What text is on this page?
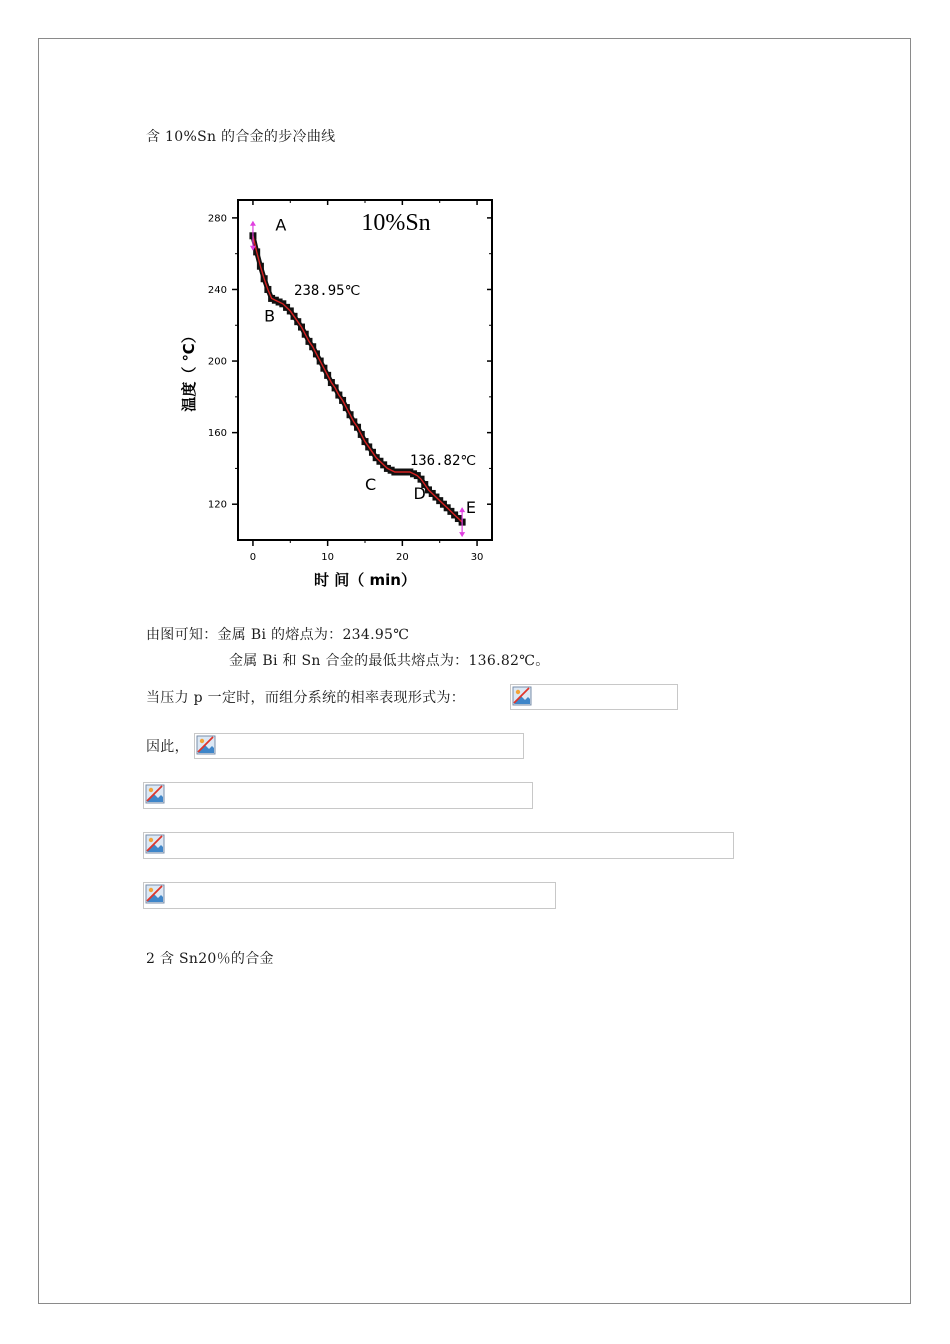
含 10%Sn 的合金的步冷曲线
120
160
200
240
280
0	10	20	30
10%Sn
A
B
238.95℃
136.82℃
C D
E
时 间（ min）
温度（ ℃）
由图可知：金属 Bi 的熔点为：234.95℃
金属 Bi 和 Sn 合金的最低共熔点为：136.82℃。
当压力 p 一定时，而组分系统的相率表现形式为：
因此，
2 含 Sn20％的合金
